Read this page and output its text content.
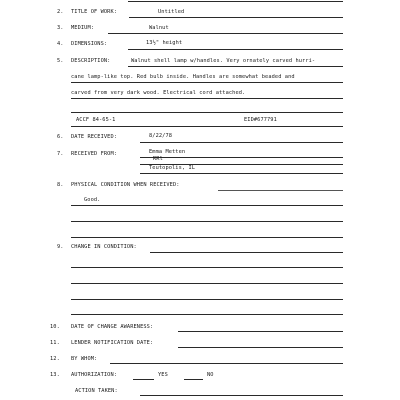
2. TITLE OF WORK:	Untitled
3. MEDIUM:	Walnut
4. DIMENSIONS:	13½" height
5. DESCRIPTION:	Walnut shell lamp w/handles. Very ornately carved hurri-
cane lamp-like top. Red bulb inside. Handles are somewhat beaded and
carved from very dark wood. Electrical cord attached.
ACCF 84-65-1	EID#677791
6. DATE RECEIVED:	8/22/78
7. RECEIVED FROM:	Emma Metten
RRl
Teutopolis, IL
8. PHYSICAL CONDITION WHEN RECEIVED:
Good.
9. CHANGE IN CONDITION:
10. DATE OF CHANGE AWARENESS:
11. LENDER NOTIFICATION DATE:
12. BY WHOM:
13. AUTHORIZATION:	YES	NO
ACTION TAKEN:
